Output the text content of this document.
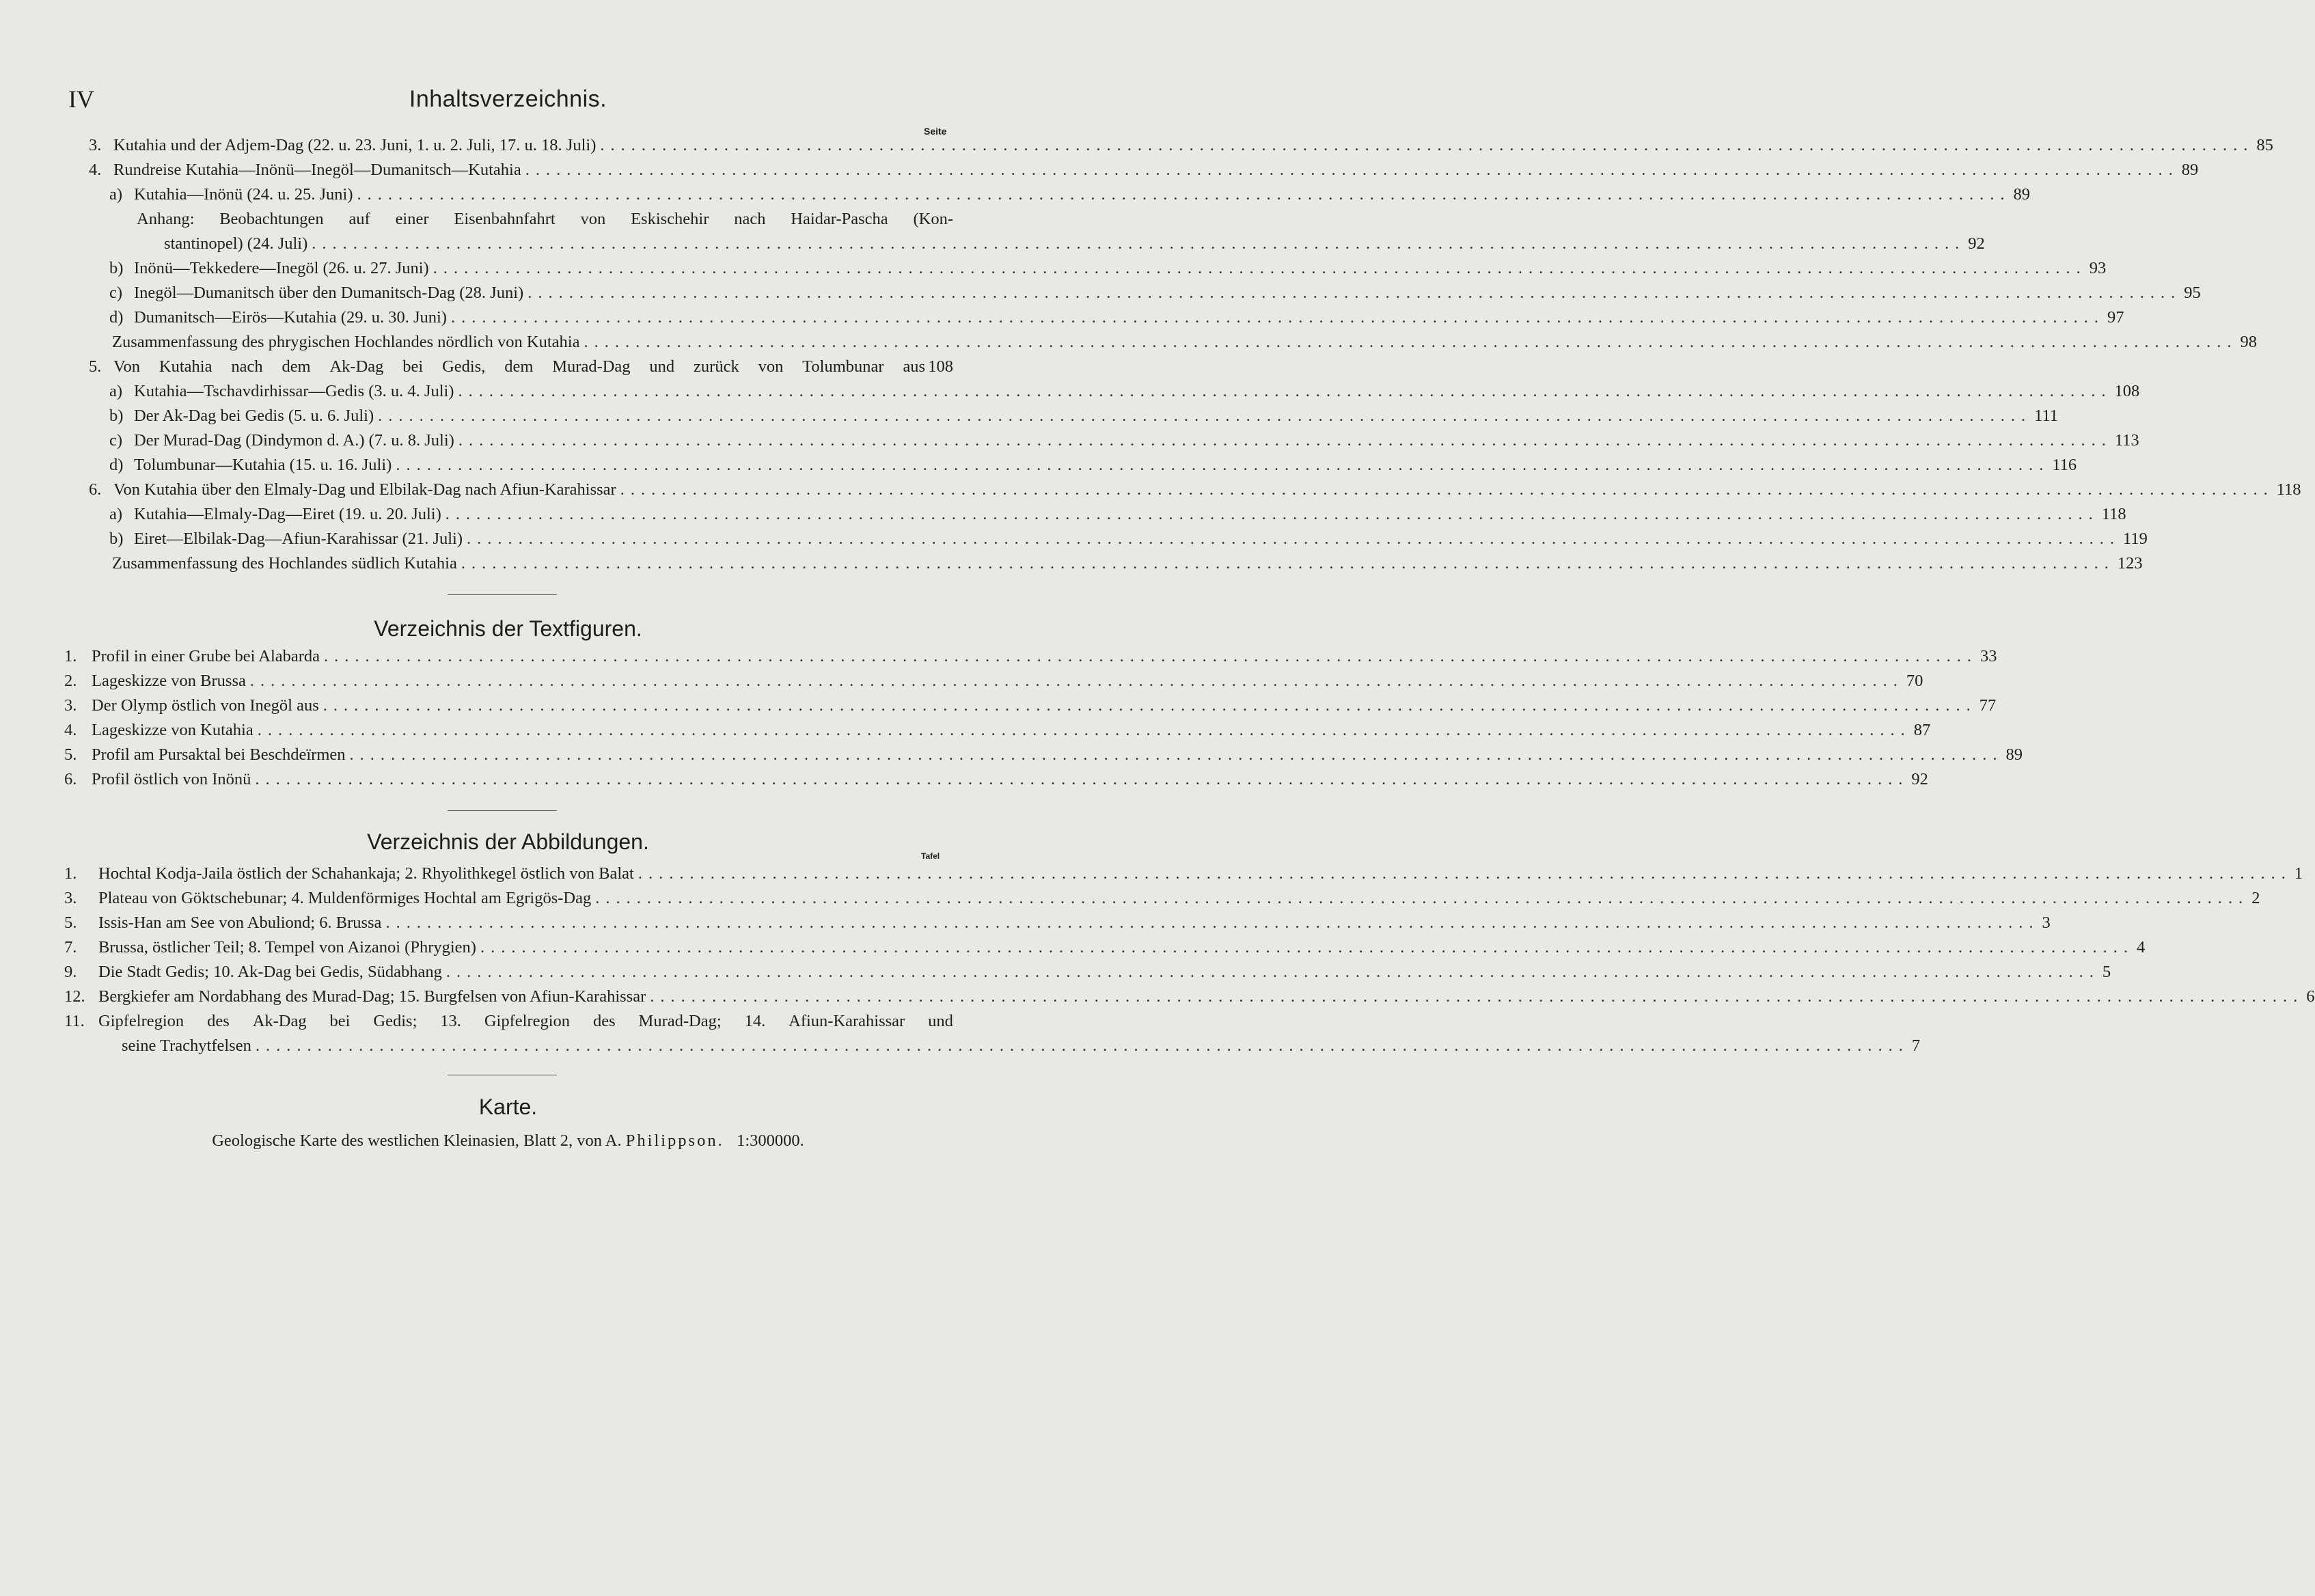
IV	Inhaltsverzeichnis.
Seite
3. Kutahia und der Adjem-Dag (22. u. 23. Juni, 1. u. 2. Juli, 17. u. 18. Juli) ................................................................................................................................................................ 85
4. Rundreise Kutahia—Inönü—Inegöl—Dumanitsch—Kutahia ................................................................................................................................................................ 89
a) Kutahia—Inönü (24. u. 25. Juni) ................................................................................................................................................................ 89
Anhang: Beobachtungen auf einer Eisenbahnfahrt von Eskischehir nach Haidar-Pascha (Kon-
stantinopel) (24. Juli) ................................................................................................................................................................ 92
b) Inönü—Tekkedere—Inegöl (26. u. 27. Juni) ................................................................................................................................................................ 93
c) Inegöl—Dumanitsch über den Dumanitsch-Dag (28. Juni) ................................................................................................................................................................ 95
d) Dumanitsch—Eirös—Kutahia (29. u. 30. Juni) ................................................................................................................................................................ 97
Zusammenfassung des phrygischen Hochlandes nördlich von Kutahia ................................................................................................................................................................ 98
5. Von Kutahia nach dem Ak-Dag bei Gedis, dem Murad-Dag und zurück von Tolumbunar aus 108
a) Kutahia—Tschavdirhissar—Gedis (3. u. 4. Juli) ................................................................................................................................................................ 108
b) Der Ak-Dag bei Gedis (5. u. 6. Juli) ................................................................................................................................................................ 111
c) Der Murad-Dag (Dindymon d. A.) (7. u. 8. Juli) ................................................................................................................................................................ 113
d) Tolumbunar—Kutahia (15. u. 16. Juli) ................................................................................................................................................................ 116
6. Von Kutahia über den Elmaly-Dag und Elbilak-Dag nach Afiun-Karahissar ................................................................................................................................................................ 118
a) Kutahia—Elmaly-Dag—Eiret (19. u. 20. Juli) ................................................................................................................................................................ 118
b) Eiret—Elbilak-Dag—Afiun-Karahissar (21. Juli) ................................................................................................................................................................ 119
Zusammenfassung des Hochlandes südlich Kutahia ................................................................................................................................................................ 123
Verzeichnis der Textfiguren.
1. Profil in einer Grube bei Alabarda ................................................................................................................................................................ 33
2. Lageskizze von Brussa ................................................................................................................................................................ 70
3. Der Olymp östlich von Inegöl aus ................................................................................................................................................................ 77
4. Lageskizze von Kutahia ................................................................................................................................................................ 87
5. Profil am Pursaktal bei Beschdeïrmen ................................................................................................................................................................ 89
6. Profil östlich von Inönü ................................................................................................................................................................ 92
Verzeichnis der Abbildungen.
Tafel
1.	Hochtal Kodja-Jaila östlich der Schahankaja; 2. Rhyolithkegel östlich von Balat ................................................................................................................................................................ 1
3.	Plateau von Göktschebunar; 4. Muldenförmiges Hochtal am Egrigös-Dag ................................................................................................................................................................ 2
5.	Issis-Han am See von Abuliond; 6. Brussa ................................................................................................................................................................ 3
7.	Brussa, östlicher Teil; 8. Tempel von Aizanoi (Phrygien) ................................................................................................................................................................ 4
9.	Die Stadt Gedis; 10. Ak-Dag bei Gedis, Südabhang ................................................................................................................................................................ 5
12. Bergkiefer am Nordabhang des Murad-Dag; 15. Burgfelsen von Afiun-Karahissar ................................................................................................................................................................ 6
11. Gipfelregion des Ak-Dag bei Gedis; 13. Gipfelregion des Murad-Dag; 14. Afiun-Karahissar und
seine Trachytfelsen ................................................................................................................................................................ 7
Karte.
Geologische Karte des westlichen Kleinasien, Blatt 2, von A. Philippson. 1:300000.
